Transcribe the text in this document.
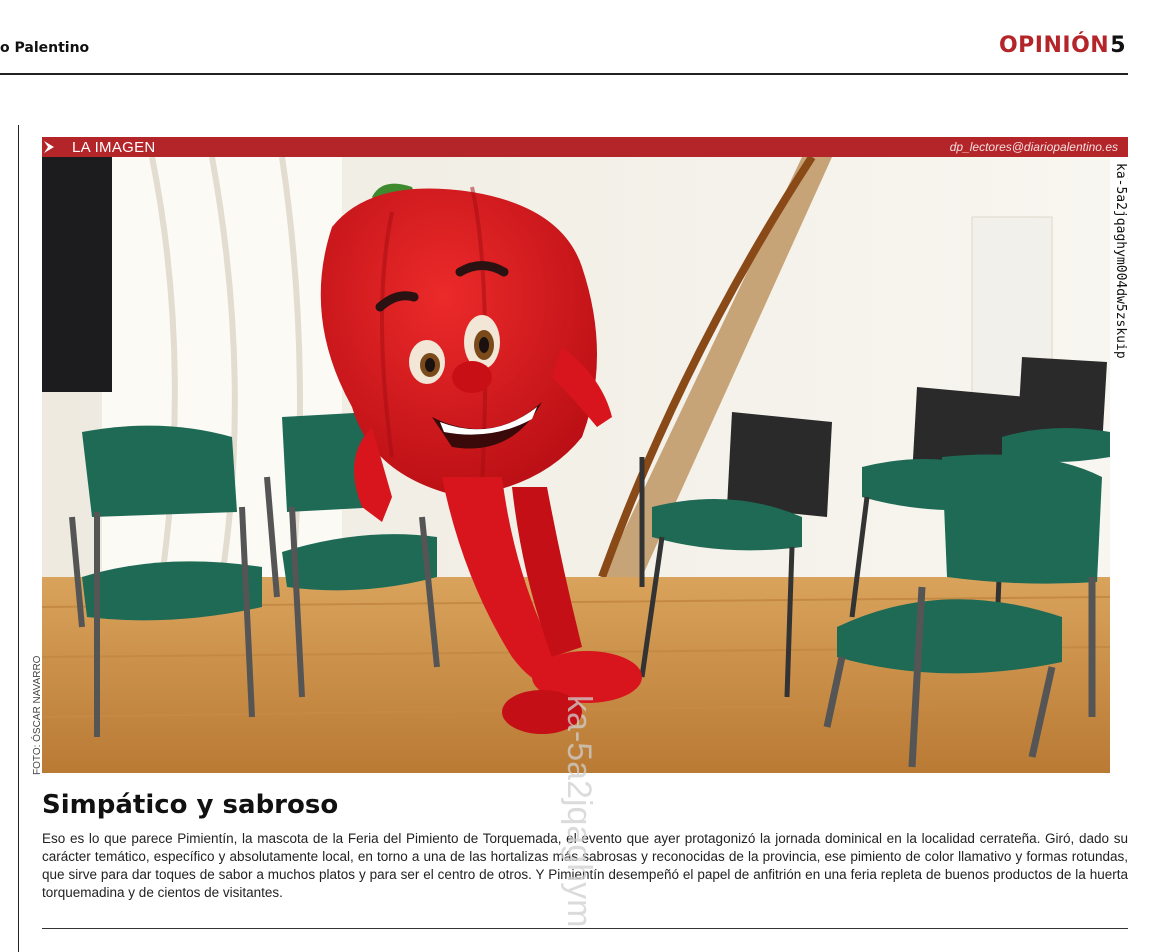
o Palentino	OPINIÓN5
LA IMAGEN	dp_lectores@diariopalentino.es
FOTO: ÓSCAR NAVARRO
ka-5a2jqaghym004dw5zskuip
Simpático y sabroso

Eso es lo que parece Pimientín, la mascota de la Feria del Pimiento de Torquemada, el evento que ayer protagonizó la jornada dominical en la localidad cerrateña. Giró, dado su carácter temático, específico y absolutamente local, en torno a una de las hortalizas más sabrosas y reconocidas de la provincia, ese pimiento de color llamativo y formas rotundas, que sirve para dar toques de sabor a muchos platos y para ser el centro de otros. Y Pimientín desempeñó el papel de anfitrión en una feria repleta de buenos productos de la huerta torquemadina y de cientos de visitantes.	ka-5a2jqaghym
